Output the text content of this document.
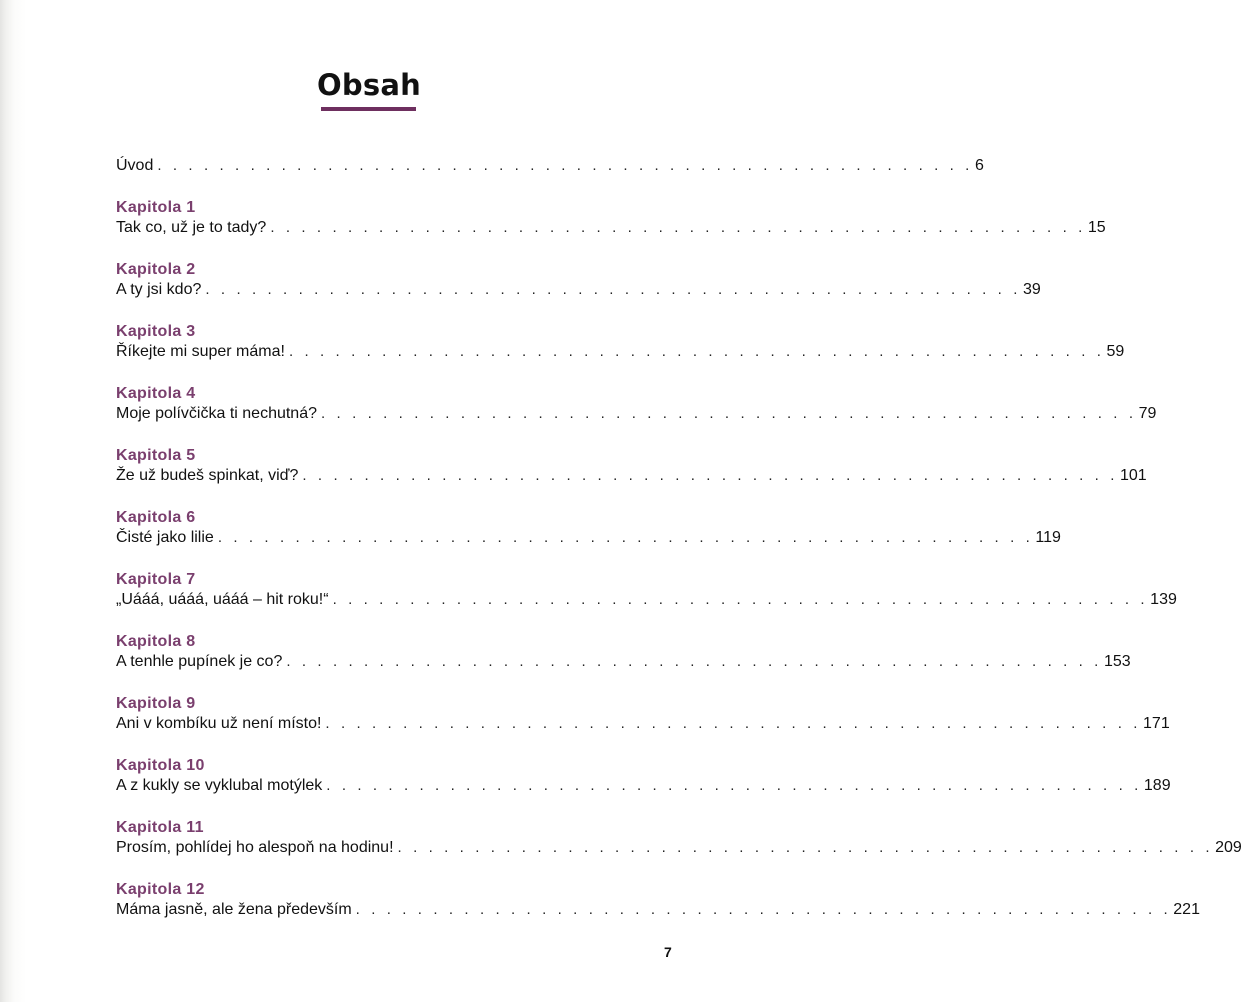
Obsah
Úvod . . . . . . . . . . . . . . . . . . . . . . . . . . . . . . . . . . . . . . . . . . . . . . . . . . . . . 6
Kapitola 1
Tak co, už je to tady? . . . . . . . . . . . . . . . . . . . . . . . . . . . . . . . . . . . . . . . . . . . . . . . . . . . . . 15
Kapitola 2
A ty jsi kdo? . . . . . . . . . . . . . . . . . . . . . . . . . . . . . . . . . . . . . . . . . . . . . . . . . . . . . 39
Kapitola 3
Říkejte mi super máma! . . . . . . . . . . . . . . . . . . . . . . . . . . . . . . . . . . . . . . . . . . . . . . . . . . . . . 59
Kapitola 4
Moje polívčička ti nechutná? . . . . . . . . . . . . . . . . . . . . . . . . . . . . . . . . . . . . . . . . . . . . . . . . . . . . . 79
Kapitola 5
Že už budeš spinkat, viď? . . . . . . . . . . . . . . . . . . . . . . . . . . . . . . . . . . . . . . . . . . . . . . . . . . . . . 101
Kapitola 6
Čisté jako lilie . . . . . . . . . . . . . . . . . . . . . . . . . . . . . . . . . . . . . . . . . . . . . . . . . . . . . 119
Kapitola 7
„Uááá, uááá, uááá – hit roku!“ . . . . . . . . . . . . . . . . . . . . . . . . . . . . . . . . . . . . . . . . . . . . . . . . . . . . . 139
Kapitola 8
A tenhle pupínek je co? . . . . . . . . . . . . . . . . . . . . . . . . . . . . . . . . . . . . . . . . . . . . . . . . . . . . . 153
Kapitola 9
Ani v kombíku už není místo! . . . . . . . . . . . . . . . . . . . . . . . . . . . . . . . . . . . . . . . . . . . . . . . . . . . . . 171
Kapitola 10
A z kukly se vyklubal motýlek . . . . . . . . . . . . . . . . . . . . . . . . . . . . . . . . . . . . . . . . . . . . . . . . . . . . . 189
Kapitola 11
Prosím, pohlídej ho alespoň na hodinu! . . . . . . . . . . . . . . . . . . . . . . . . . . . . . . . . . . . . . . . . . . . . . . . . . . . . . 209
Kapitola 12
Máma jasně, ale žena především . . . . . . . . . . . . . . . . . . . . . . . . . . . . . . . . . . . . . . . . . . . . . . . . . . . . . 221
7
